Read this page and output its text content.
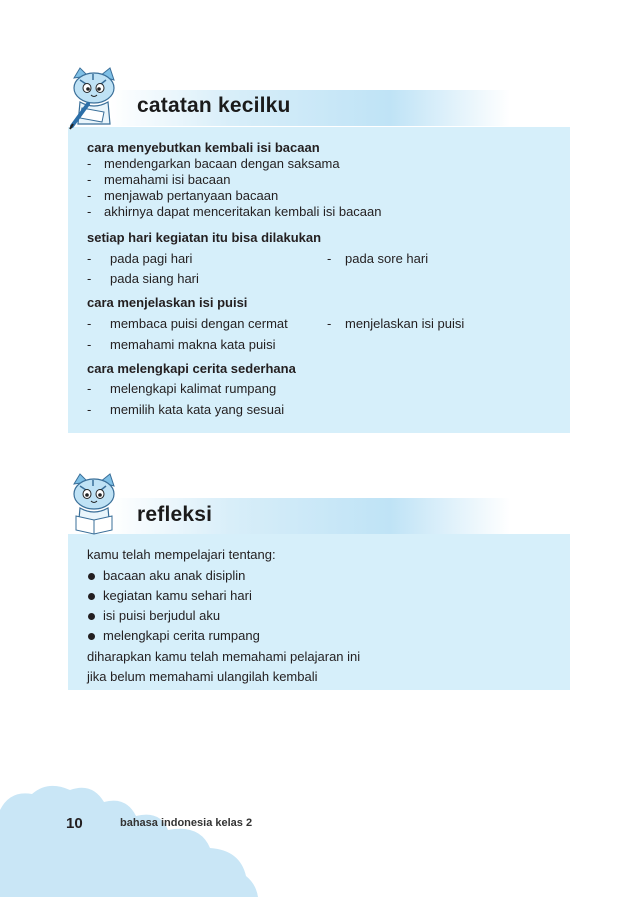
catatan kecilku
cara menyebutkan kembali isi bacaan
- mendengarkan bacaan dengan saksama
- memahami isi bacaan
- menjawab pertanyaan bacaan
- akhirnya dapat menceritakan kembali isi bacaan
setiap hari kegiatan itu bisa dilakukan
- pada pagi hari	- pada sore hari
- pada siang hari
cara menjelaskan isi puisi
- membaca puisi dengan cermat	- menjelaskan isi puisi
- memahami makna kata puisi
cara melengkapi cerita sederhana
- melengkapi kalimat rumpang
- memilih kata kata yang sesuai
refleksi
kamu telah mempelajari tentang:
bacaan aku anak disiplin
kegiatan kamu sehari hari
isi puisi berjudul aku
melengkapi cerita rumpang
diharapkan kamu telah memahami pelajaran ini
jika belum memahami ulangilah kembali
10	bahasa indonesia kelas 2
